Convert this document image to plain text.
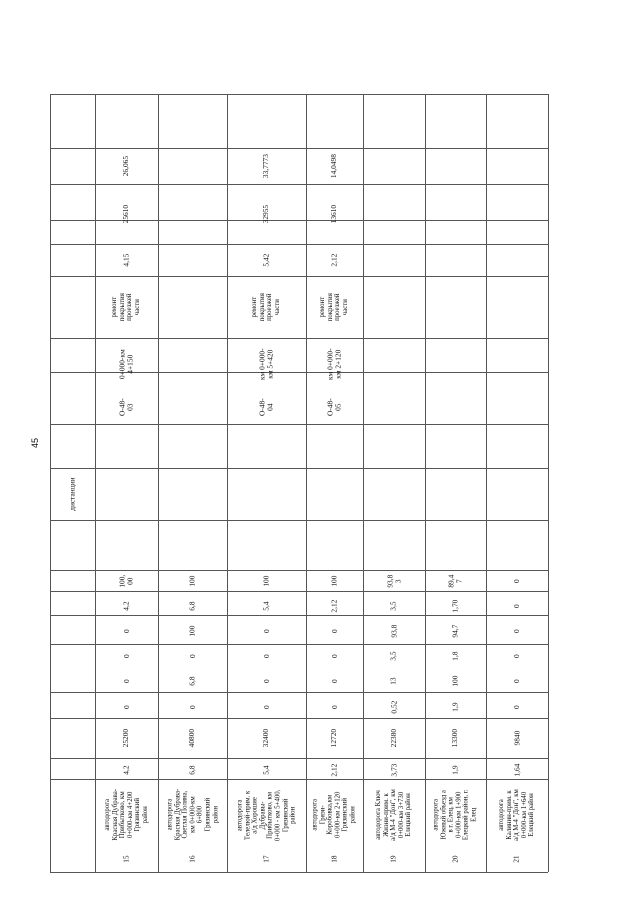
45
дистанции
15
автодорога
Красная Дубрава-
Прибытково, км
0+000-км 4+200
Грязинский
район
100,
00
4,2
0
0
0
0
25200
4,2
26,065
25610
4,15
ремонт
покрытия
проезжей
части
0+000-км
4+150
О-48-
03
16
автодорога
Красная Дубрава-
Светлая Поляна,
км 0+000-км
6+800
Грязинский
район
100
6,8
100
0
6,8
0
40800
6,8
17
автодорога
Телелюй-прим. к
а/д Хорошие
Дубравы-
Прибытково, км
0+000 - км 5+400,
Грязинский
район
100
5,4
0
0
0
0
32400
5,4
33,7773
32955
5,42
ремонт
покрытия
проезжей
части
км 0+000-
км 5+420
О-48-
04
18
автодорога
Гряэи-
Коробовка,км
0+000-км 2+120
Грязинский
район
100
2,12
0
0
0
0
12720
2,12
14,0498
13610
2,12
ремонт
покрытия
проезжей
части
км 0+000-
км 2+120
О-48-
05
19
автодорога Ключ
Жизни-прим. к
а/д М-4 "Дон", км
0+000-км 3+730
Елецкий район
93,8
3
3,5
93,8
3,5
13
0,52
22380
3,73
20
автодорога
Южный объезд а
в г. Елец, км
0+000-км 1+900
Елецкий район, г.
Елец
89,4
7
1,70
94,7
1,8
100
1,9
13300
1,9
21
автодорога
Калинин-прим. к
а/д М-4 "Дон", км
0+000-км 1+640
Елецкий район
0
0
0
0
0
0
9840
1,64
